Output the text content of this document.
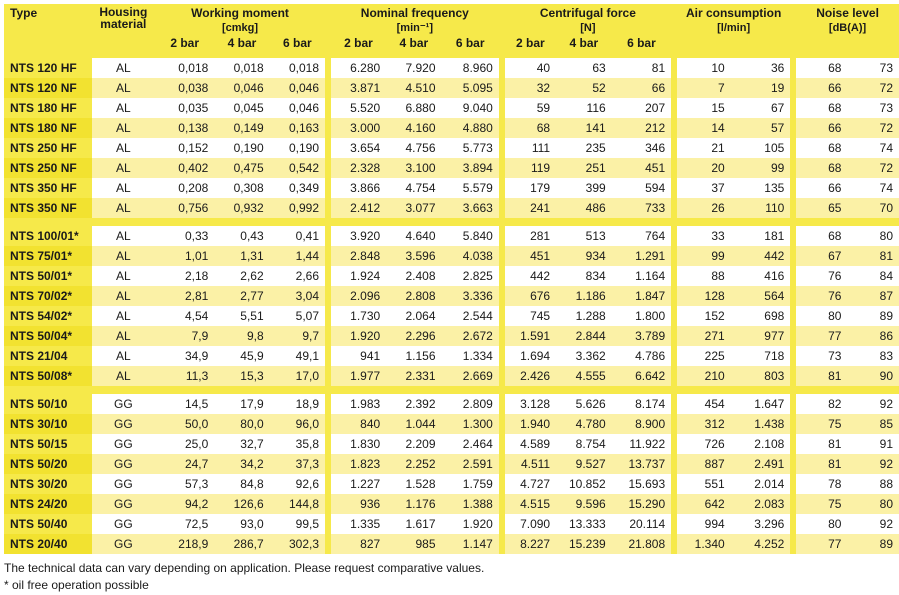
Type	Housing
material	Working moment				Nominal frequency				Centrifugal force				Air consumption			Noise level	
		[cmkg]				[min⁻¹]				[N]				[l/min]			[dB(A)]	
		2 bar	4 bar	6 bar		2 bar	4 bar	6 bar		2 bar	4 bar	6 bar						

NTS 120 HF	AL	0,018	0,018	0,018		6.280	7.920	8.960		40	63	81		10	36		68	73
NTS 120 NF	AL	0,038	0,046	0,046		3.871	4.510	5.095		32	52	66		7	19		66	72
NTS 180 HF	AL	0,035	0,045	0,046		5.520	6.880	9.040		59	116	207		15	67		68	73
NTS 180 NF	AL	0,138	0,149	0,163		3.000	4.160	4.880		68	141	212		14	57		66	72
NTS 250 HF	AL	0,152	0,190	0,190		3.654	4.756	5.773		111	235	346		21	105		68	74
NTS 250 NF	AL	0,402	0,475	0,542		2.328	3.100	3.894		119	251	451		20	99		68	72
NTS 350 HF	AL	0,208	0,308	0,349		3.866	4.754	5.579		179	399	594		37	135		66	74
NTS 350 NF	AL	0,756	0,932	0,992		2.412	3.077	3.663		241	486	733		26	110		65	70

NTS 100/01*	AL	0,33	0,43	0,41		3.920	4.640	5.840		281	513	764		33	181		68	80
NTS 75/01*	AL	1,01	1,31	1,44		2.848	3.596	4.038		451	934	1.291		99	442		67	81
NTS 50/01*	AL	2,18	2,62	2,66		1.924	2.408	2.825		442	834	1.164		88	416		76	84
NTS 70/02*	AL	2,81	2,77	3,04		2.096	2.808	3.336		676	1.186	1.847		128	564		76	87
NTS 54/02*	AL	4,54	5,51	5,07		1.730	2.064	2.544		745	1.288	1.800		152	698		80	89
NTS 50/04*	AL	7,9	9,8	9,7		1.920	2.296	2.672		1.591	2.844	3.789		271	977		77	86
NTS 21/04	AL	34,9	45,9	49,1		941	1.156	1.334		1.694	3.362	4.786		225	718		73	83
NTS 50/08*	AL	11,3	15,3	17,0		1.977	2.331	2.669		2.426	4.555	6.642		210	803		81	90

NTS 50/10	GG	14,5	17,9	18,9		1.983	2.392	2.809		3.128	5.626	8.174		454	1.647		82	92
NTS 30/10	GG	50,0	80,0	96,0		840	1.044	1.300		1.940	4.780	8.900		312	1.438		75	85
NTS 50/15	GG	25,0	32,7	35,8		1.830	2.209	2.464		4.589	8.754	11.922		726	2.108		81	91
NTS 50/20	GG	24,7	34,2	37,3		1.823	2.252	2.591		4.511	9.527	13.737		887	2.491		81	92
NTS 30/20	GG	57,3	84,8	92,6		1.227	1.528	1.759		4.727	10.852	15.693		551	2.014		78	88
NTS 24/20	GG	94,2	126,6	144,8		936	1.176	1.388		4.515	9.596	15.290		642	2.083		75	80
NTS 50/40	GG	72,5	93,0	99,5		1.335	1.617	1.920		7.090	13.333	20.114		994	3.296		80	92
NTS 20/40	GG	218,9	286,7	302,3		827	985	1.147		8.227	15.239	21.808		1.340	4.252		77	89
The technical data can vary depending on application. Please request comparative values.
* oil free operation possible
